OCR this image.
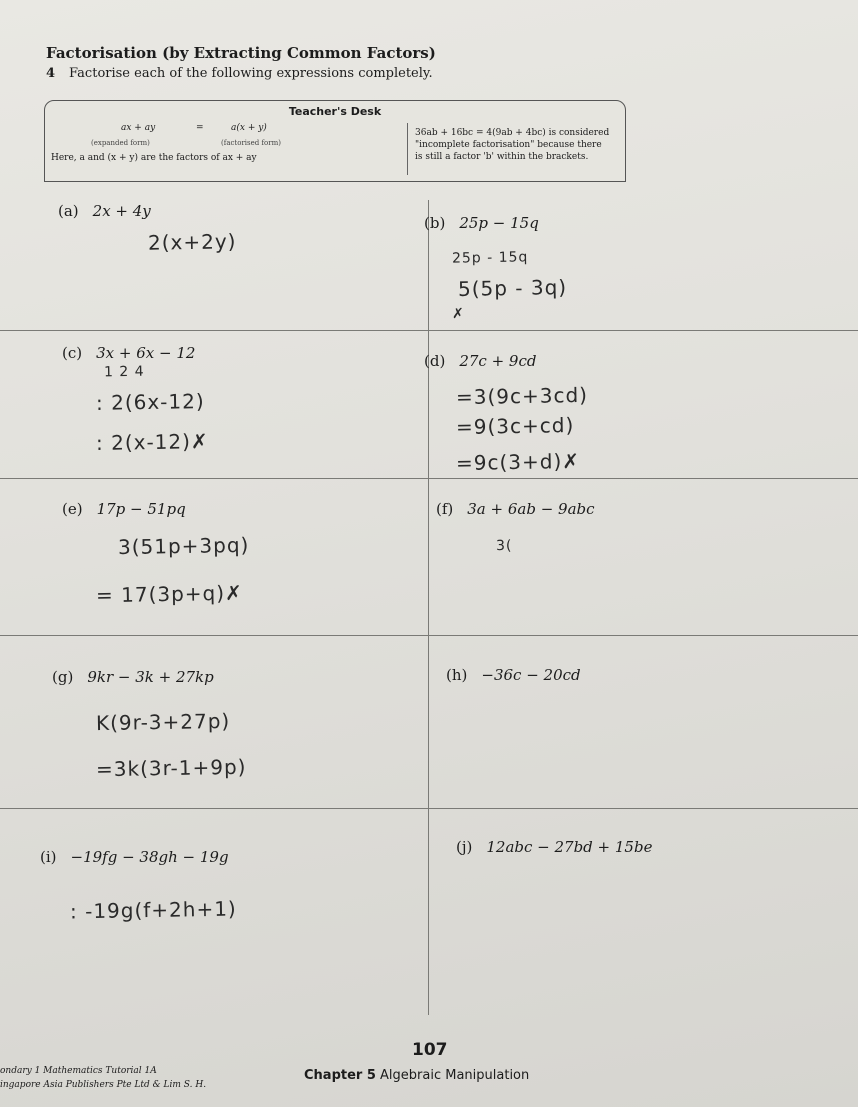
Factorisation (by Extracting Common Factors)
4 Factorise each of the following expressions completely.
Teacher's Desk
ax + ay	=	a(x + y)
(expanded form)	(factorised form)
Here, a and (x + y) are the factors of ax + ay
36ab + 16bc = 4(9ab + 4bc) is considered
"incomplete factorisation" because there
is still a factor 'b' within the brackets.
(a) 2x + 4y
2(x+2y)
(b) 25p − 15q
25p - 15q
5(5p - 3q)
✗
(c) 3x + 6x − 12
1 2 4
: 2(6x-12)
: 2(x-12)✗
(d) 27c + 9cd
=3(9c+3cd)
=9(3c+cd)
=9c(3+d)✗
(e) 17p − 51pq
3(51p+3pq)
= 17(3p+q)✗
(f) 3a + 6ab − 9abc
3(
(g) 9kr − 3k + 27kp
K(9r-3+27p)
=3k(3r-1+9p)
(h) −36c − 20cd
(i) −19fg − 38gh − 19g
: -19g(f+2h+1)
(j) 12abc − 27bd + 15be
107
ondary 1 Mathematics Tutorial 1A
ingapore Asia Publishers Pte Ltd & Lim S. H.
Chapter 5 Algebraic Manipulation
